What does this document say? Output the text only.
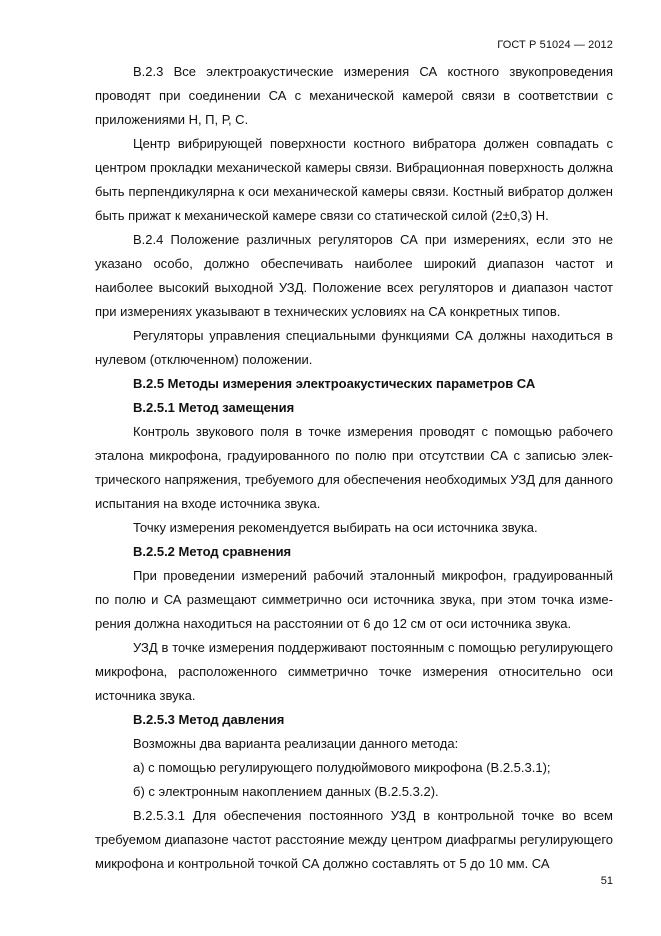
ГОСТ Р 51024 — 2012

В.2.3 Все электроакустические измерения СА костного звукопроведения проводят при соединении СА с механической камерой связи в соответствии с приложениями Н, П, Р, С.

Центр вибрирующей поверхности костного вибратора должен совпадать с центром прокладки механической камеры связи. Вибрационная поверхность должна быть перпендикулярна к оси механической камеры связи. Костный вибратор должен быть прижат к механической камере связи со статической силой (2±0,3) Н.

В.2.4 Положение различных регуляторов СА при измерениях, если это не указано особо, должно обеспечивать наиболее широкий диапазон частот и наиболее высокий выходной УЗД. Положение всех регуляторов и диапазон частот при измерениях указывают в технических условиях на СА конкретных типов.

Регуляторы управления специальными функциями СА должны находиться в нулевом (отключенном) положении.

В.2.5 Методы измерения электроакустических параметров СА

В.2.5.1 Метод замещения

Контроль звукового поля в точке измерения проводят с помощью рабочего эталона микрофона, градуированного по полю при отсутствии СА с записью электрического напряжения, требуемого для обеспечения необходимых УЗД для данного испытания на входе источника звука.

Точку измерения рекомендуется выбирать на оси источника звука.

В.2.5.2 Метод сравнения

При проведении измерений рабочий эталонный микрофон, градуированный по полю и СА размещают симметрично оси источника звука, при этом точка измерения должна находиться на расстоянии от 6 до 12 см от оси источника звука.

УЗД в точке измерения поддерживают постоянным с помощью регулирующего микрофона, расположенного симметрично точке измерения относительно оси источника звука.

В.2.5.3 Метод давления

Возможны два варианта реализации данного метода:

а) с помощью регулирующего полудюймового микрофона (В.2.5.3.1);

б) с электронным накоплением данных (В.2.5.3.2).

В.2.5.3.1 Для обеспечения постоянного УЗД в контрольной точке во всем требуемом диапазоне частот расстояние между центром диафрагмы регулирующего микрофона и контрольной точкой СА должно составлять от 5 до 10 мм. СА

51
